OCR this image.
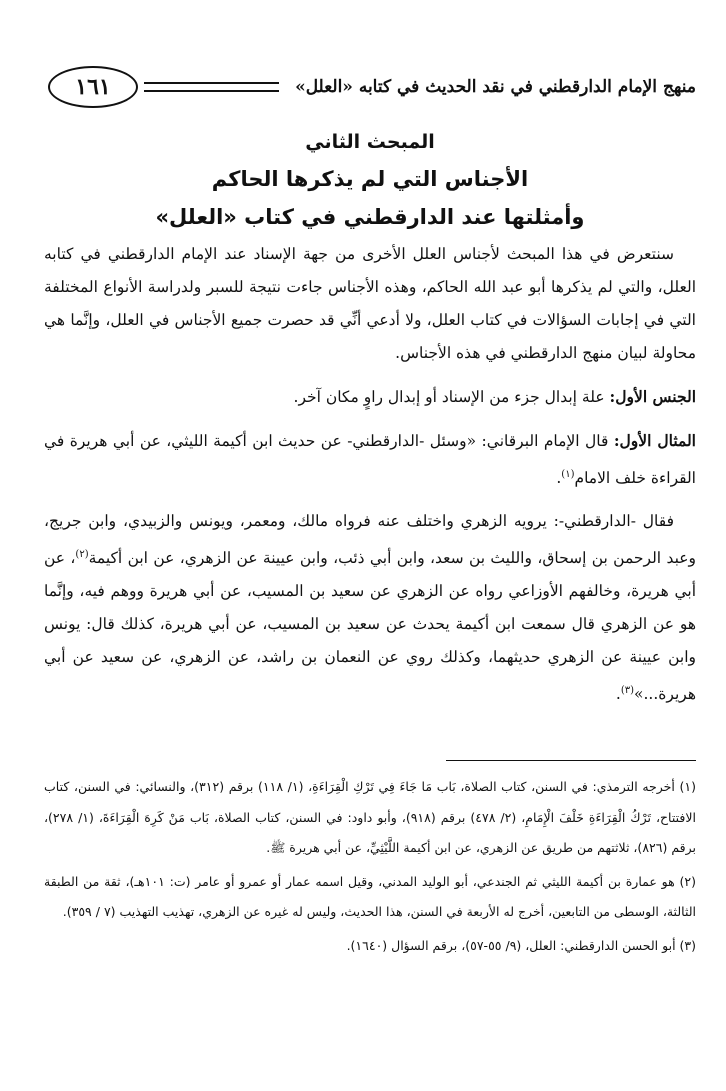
منهج الإمام الدارقطني في نقد الحديث في كتابه «العلل»
١٦١
المبحث الثاني
الأجناس التي لم يذكرها الحاكم
وأمثلتها عند الدارقطني في كتاب «العلل»

سنتعرض في هذا المبحث لأجناس العلل الأخرى من جهة الإسناد عند الإمام الدارقطني في كتابه العلل، والتي لم يذكرها أبو عبد الله الحاكم، وهذه الأجناس جاءت نتيجة للسبر ولدراسة الأنواع المختلفة التي في إجابات السؤالات في كتاب العلل، ولا أدعي أنِّي قد حصرت جميع الأجناس في العلل، وإنَّما هي محاولة لبيان منهج الدارقطني في هذه الأجناس.

الجنس الأول: علة إبدال جزء من الإسناد أو إبدال راوٍ مكان آخر.

المثال الأول: قال الإمام البرقاني: «وسئل -الدارقطني- عن حديث ابن أكيمة الليثي، عن أبي هريرة في القراءة خلف الامام$^{(١)}$.

فقال -الدارقطني-: يرويه الزهري واختلف عنه فرواه مالك، ومعمر، ويونس والزبيدي، وابن جريج، وعبد الرحمن بن إسحاق، والليث بن سعد، وابن أبي ذئب، وابن عيينة عن الزهري، عن ابن أكيمة$^{(٢)}$، عن أبي هريرة، وخالفهم الأوزاعي رواه عن الزهري عن سعيد بن المسيب، عن أبي هريرة ووهم فيه، وإنَّما هو عن الزهري قال سمعت ابن أكيمة يحدث عن سعيد بن المسيب، عن أبي هريرة، كذلك قال: يونس وابن عيينة عن الزهري حديثهما، وكذلك روي عن النعمان بن راشد، عن الزهري، عن سعيد عن أبي هريرة...»$^{(٣)}$.

(١) أخرجه الترمذي: في السنن، كتاب الصلاة، بَاب مَا جَاءَ فِي تَرْكِ الْقِرَاءَةِ، (١/ ١١٨) برقم (٣١٢)، والنسائي: في السنن، كتاب الافتتاح، تَرْكُ الْقِرَاءَةِ خَلْفَ الْإِمَامِ، (٢/ ٤٧٨) برقم (٩١٨)، وأبو داود: في السنن، كتاب الصلاة، بَاب مَنْ كَرِهَ الْقِرَاءَةَ، (١/ ٢٧٨)، برقم (٨٢٦)، ثلاثتهم من طريق عن الزهري، عن ابن أكيمة اللَّيْثِيِّ، عن أبي هريرة ﷺ.

(٢) هو عمارة بن أكيمة الليثي ثم الجندعي، أبو الوليد المدني، وقيل اسمه عمار أو عمرو أو عامر (ت: ١٠١هـ)، ثقة من الطبقة الثالثة، الوسطى من التابعين، أخرج له الأربعة في السنن، هذا الحديث، وليس له غيره عن الزهري، تهذيب التهذيب (٧ / ٣٥٩).

(٣) أبو الحسن الدارقطني: العلل، (٩/ ٥٥-٥٧)، برقم السؤال (١٦٤٠).
